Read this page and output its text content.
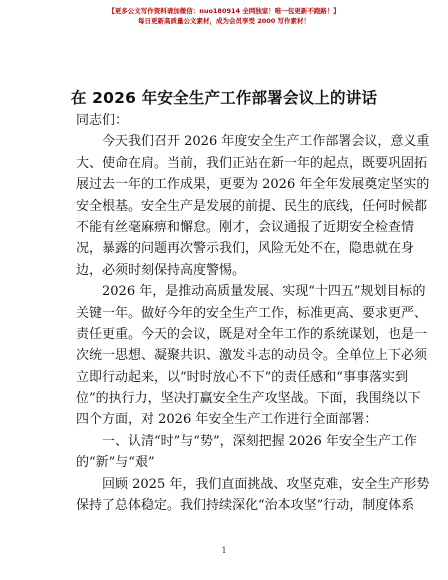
【更多公文写作资料请加微信：nuo180914 全网独家！唯一包更新不跑路！】
每日更新高质量公文素材，成为会员享受 2000 写作素材！
在 2026 年安全生产工作部署会议上的讲话
同志们：
　　今天我们召开 2026 年度安全生产工作部署会议，意义重
大、使命在肩。当前，我们正站在新一年的起点，既要巩固拓
展过去一年的工作成果，更要为 2026 年全年发展奠定坚实的
安全根基。安全生产是发展的前提、民生的底线，任何时候都
不能有丝毫麻痹和懈怠。刚才，会议通报了近期安全检查情
况，暴露的问题再次警示我们，风险无处不在，隐患就在身
边，必须时刻保持高度警惕。
　　2026 年，是推动高质量发展、实现“十四五”规划目标的
关键一年。做好今年的安全生产工作，标准更高、要求更严、
责任更重。今天的会议，既是对全年工作的系统谋划，也是一
次统一思想、凝聚共识、激发斗志的动员令。全单位上下必须
立即行动起来，以“时时放心不下”的责任感和“事事落实到
位”的执行力，坚决打赢安全生产攻坚战。下面，我围绕以下
四个方面，对 2026 年安全生产工作进行全面部署：
　　一、认清“时”与“势”，深刻把握 2026 年安全生产工作
的“新”与“艰”
　　回顾 2025 年，我们直面挑战、攻坚克难，安全生产形势
保持了总体稳定。我们持续深化“治本攻坚”行动，制度体系
1
